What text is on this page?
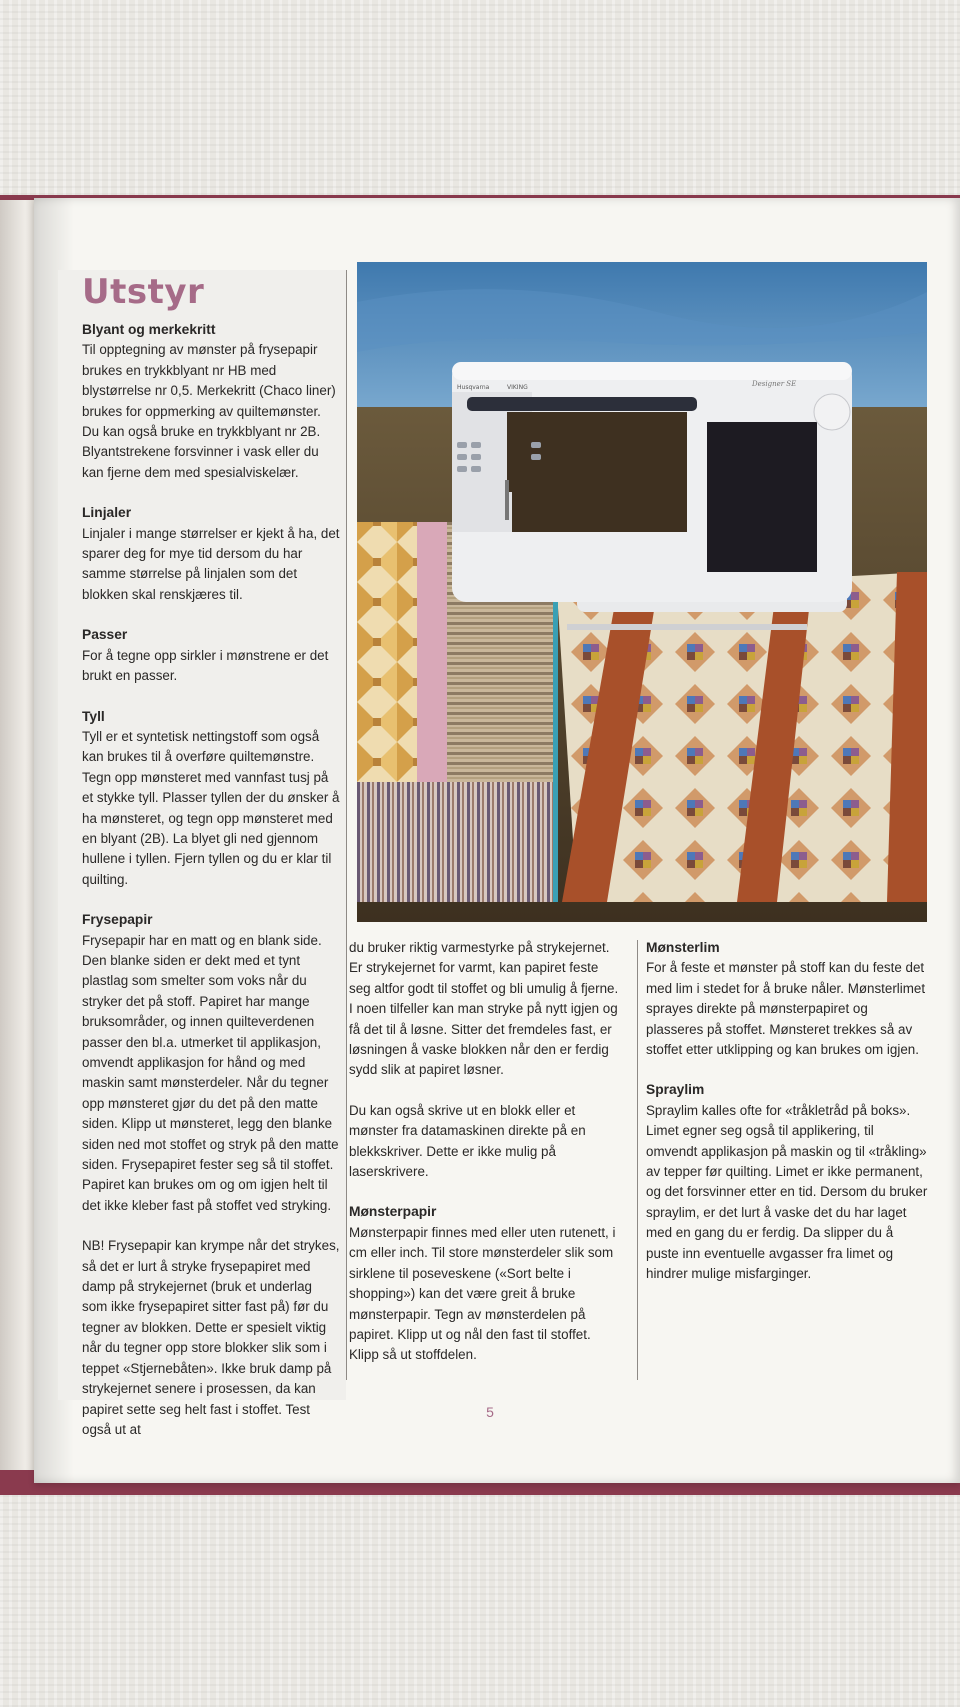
Utstyr
Blyant og merkekritt

Til opptegning av mønster på frysepapir brukes en trykkblyant nr HB med blystørrelse nr 0,5. Merkekritt (Chaco liner) brukes for oppmerking av quiltemønster. Du kan også bruke en trykkblyant nr 2B. Blyantstrekene forsvinner i vask eller du kan fjerne dem med spesialviskelær.

Linjaler

Linjaler i mange størrelser er kjekt å ha, det sparer deg for mye tid dersom du har samme størrelse på linjalen som det blokken skal renskjæres til.

Passer

For å tegne opp sirkler i mønstrene er det brukt en passer.

Tyll

Tyll er et syntetisk nettingstoff som også kan brukes til å overføre quiltemønstre. Tegn opp mønsteret med vannfast tusj på et stykke tyll. Plasser tyllen der du ønsker å ha mønsteret, og tegn opp mønsteret med en blyant (2B). La blyet gli ned gjennom hullene i tyllen. Fjern tyllen og du er klar til quilting.

Frysepapir

Frysepapir har en matt og en blank side. Den blanke siden er dekt med et tynt plastlag som smelter som voks når du stryker det på stoff. Papiret har mange bruksområder, og innen quilteverdenen passer den bl.a. utmerket til applikasjon, omvendt applikasjon for hånd og med maskin samt mønsterdeler. Når du tegner opp mønsteret gjør du det på den matte siden. Klipp ut mønsteret, legg den blanke siden ned mot stoffet og stryk på den matte siden. Frysepapiret fester seg så til stoffet. Papiret kan brukes om og om igjen helt til det ikke kleber fast på stoffet ved stryking.

NB! Frysepapir kan krympe når det strykes, så det er lurt å stryke frysepapiret med damp på strykejernet (bruk et underlag som ikke frysepapiret sitter fast på) før du tegner av blokken. Dette er spesielt viktig når du tegner opp store blokker slik som i teppet «Stjernebåten». Ikke bruk damp på strykejernet senere i prosessen, da kan papiret sette seg helt fast i stoffet. Test også ut at

Husqvarna	VIKING	Designer SE

du bruker riktig varmestyrke på strykejernet. Er strykejernet for varmt, kan papiret feste seg altfor godt til stoffet og bli umulig å fjerne. I noen tilfeller kan man stryke på nytt igjen og få det til å løsne. Sitter det fremdeles fast, er løsningen å vaske blokken når den er ferdig sydd slik at papiret løsner.

Du kan også skrive ut en blokk eller et mønster fra datamaskinen direkte på en blekkskriver. Dette er ikke mulig på laserskrivere.

Mønsterpapir

Mønsterpapir finnes med eller uten rutenett, i cm eller inch. Til store mønsterdeler slik som sirklene til poseveskene («Sort belte i shopping») kan det være greit å bruke mønsterpapir. Tegn av mønsterdelen på papiret. Klipp ut og nål den fast til stoffet. Klipp så ut stoffdelen.

Mønsterlim

For å feste et mønster på stoff kan du feste det med lim i stedet for å bruke nåler. Mønsterlimet sprayes direkte på mønsterpapiret og plasseres på stoffet. Mønsteret trekkes så av stoffet etter utklipping og kan brukes om igjen.

Spraylim

Spraylim kalles ofte for «tråkletråd på boks». Limet egner seg også til applikering, til omvendt applikasjon på maskin og til «tråkling» av tepper før quilting. Limet er ikke permanent, og det forsvinner etter en tid. Dersom du bruker spraylim, er det lurt å vaske det du har laget med en gang du er ferdig. Da slipper du å puste inn eventuelle avgasser fra limet og hindrer mulige misfarginger.

5
